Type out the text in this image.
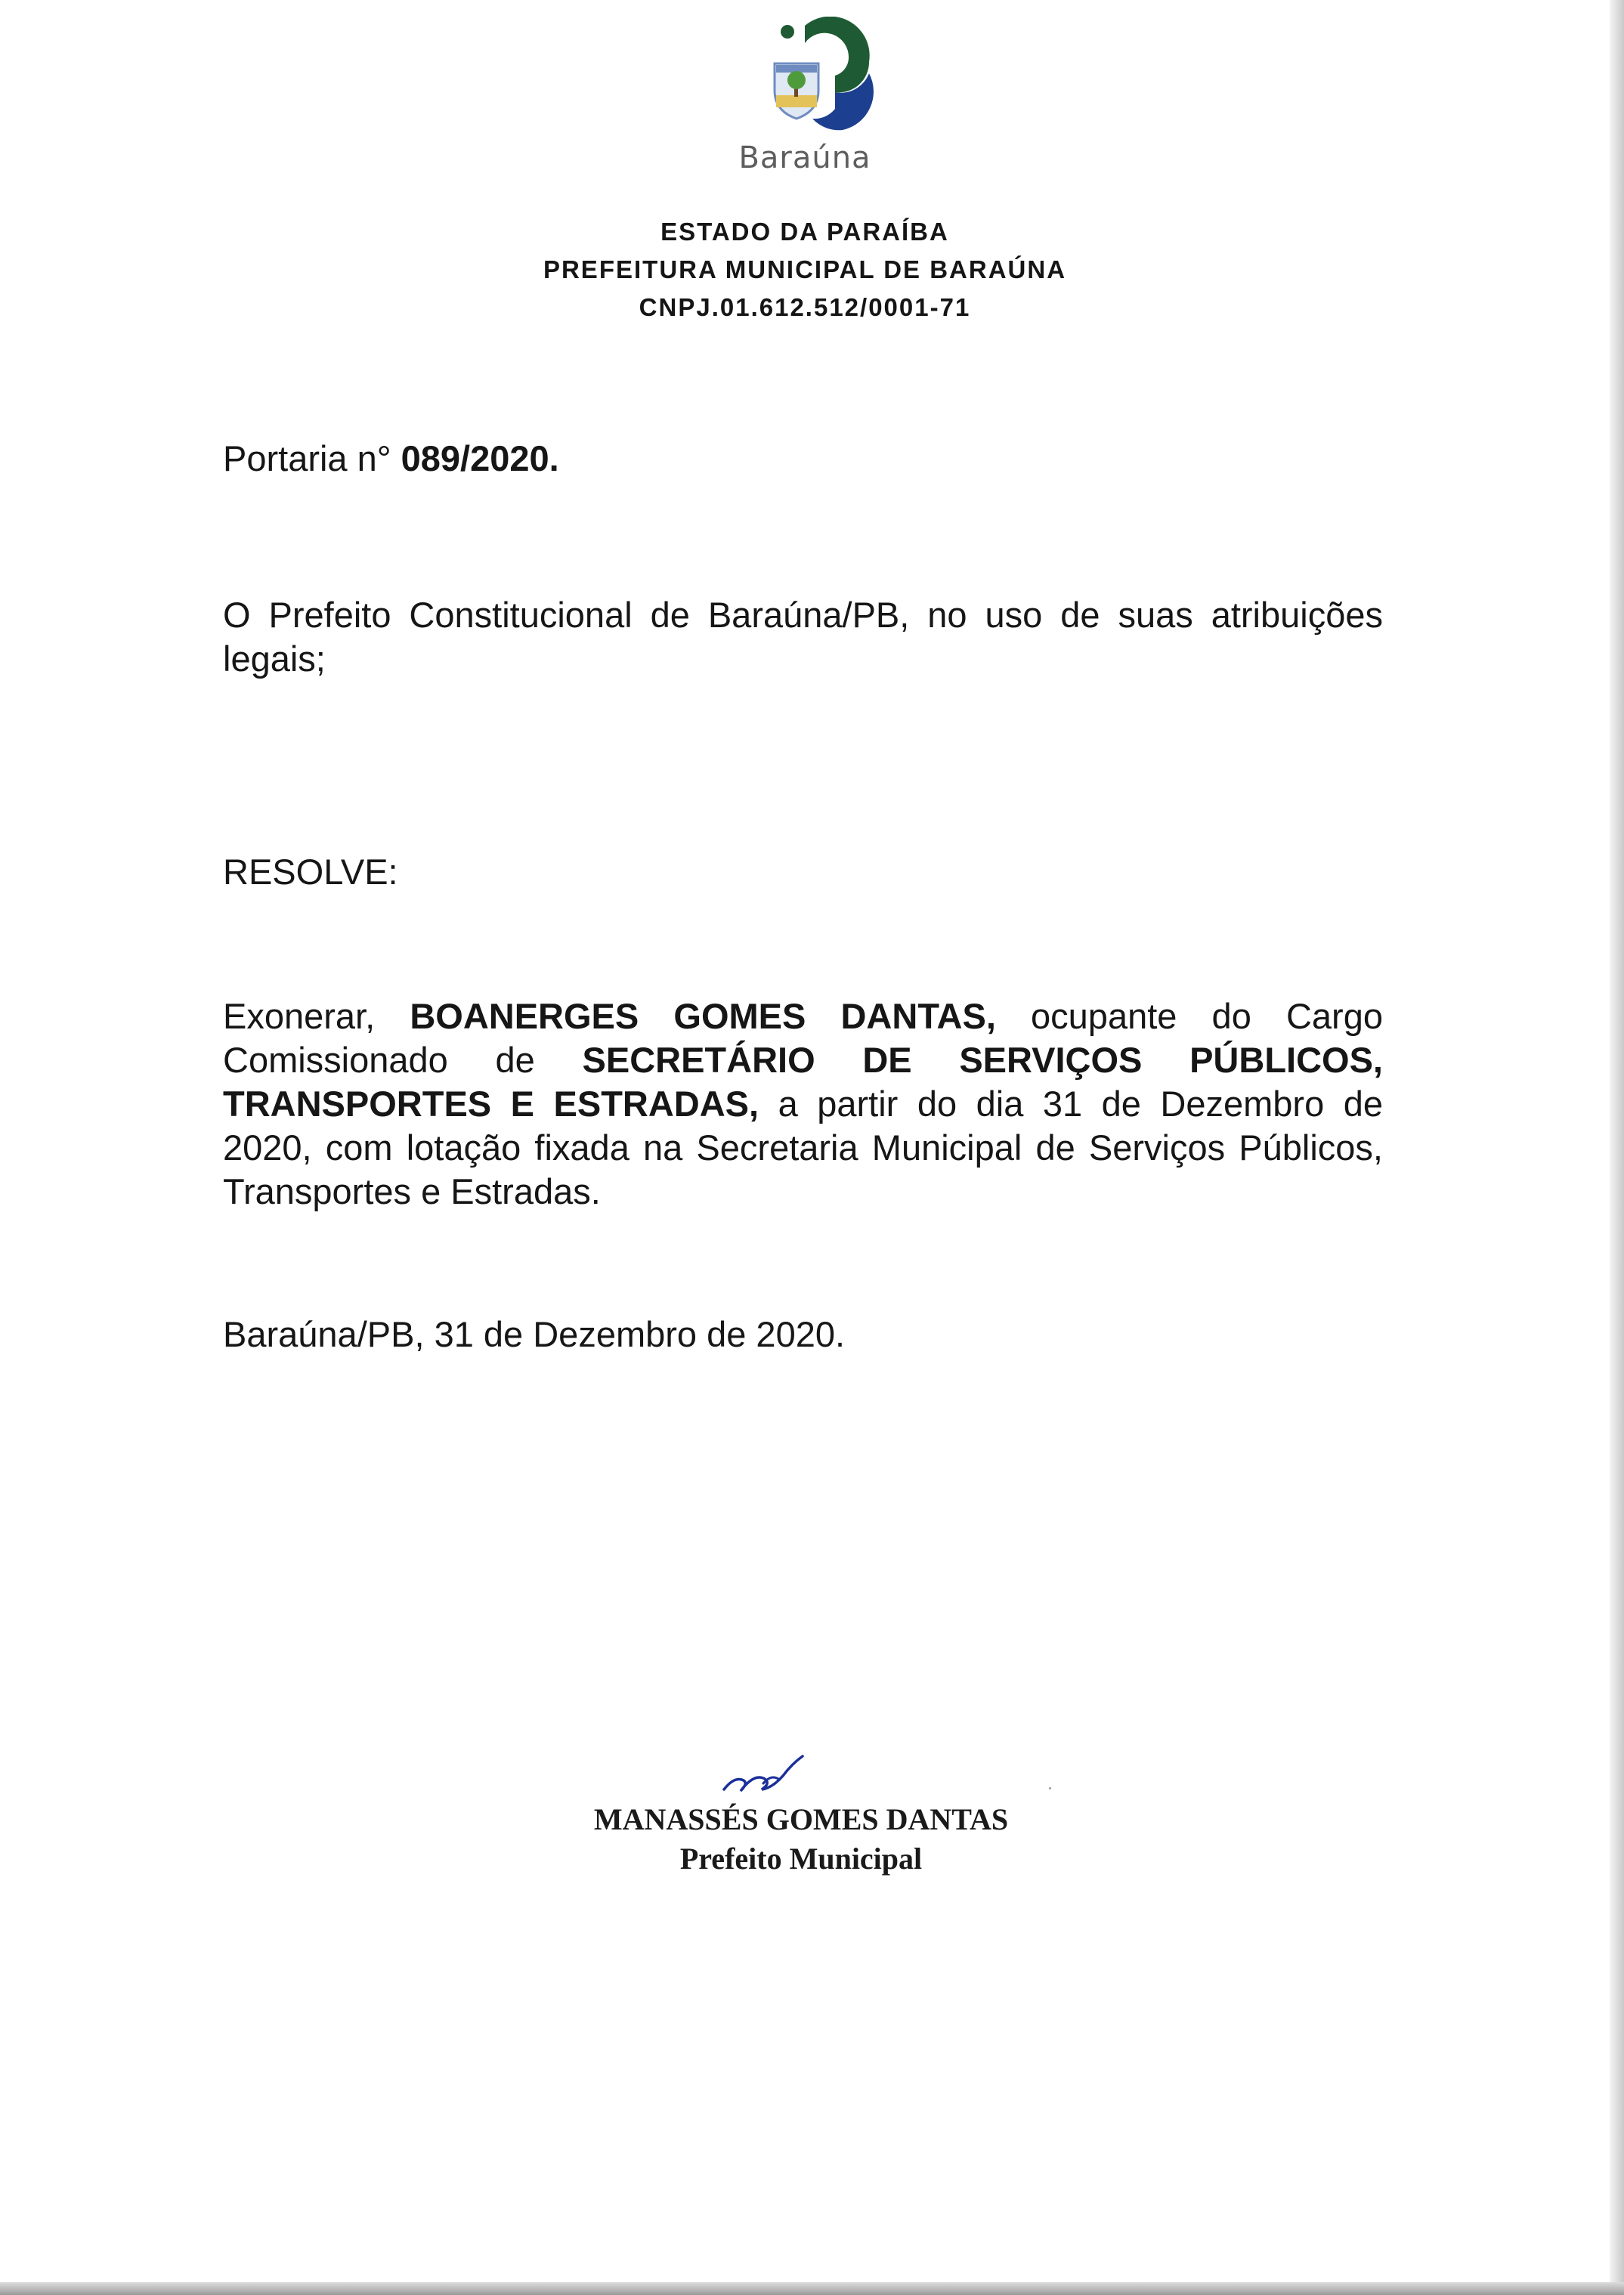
Baraúna
ESTADO DA PARAÍBA
PREFEITURA MUNICIPAL DE BARAÚNA
CNPJ.01.612.512/0001-71
Portaria n° 089/2020.
O Prefeito Constitucional de Baraúna/PB, no uso de suas atribuições legais;
RESOLVE:
Exonerar, BOANERGES GOMES DANTAS, ocupante do Cargo Comissionado de SECRETÁRIO DE SERVIÇOS PÚBLICOS, TRANSPORTES E ESTRADAS, a partir do dia 31 de Dezembro de 2020, com lotação fixada na Secretaria Municipal de Serviços Públicos, Transportes e Estradas.
Baraúna/PB, 31 de Dezembro de 2020.
MANASSÉS GOMES DANTAS
Prefeito Municipal
